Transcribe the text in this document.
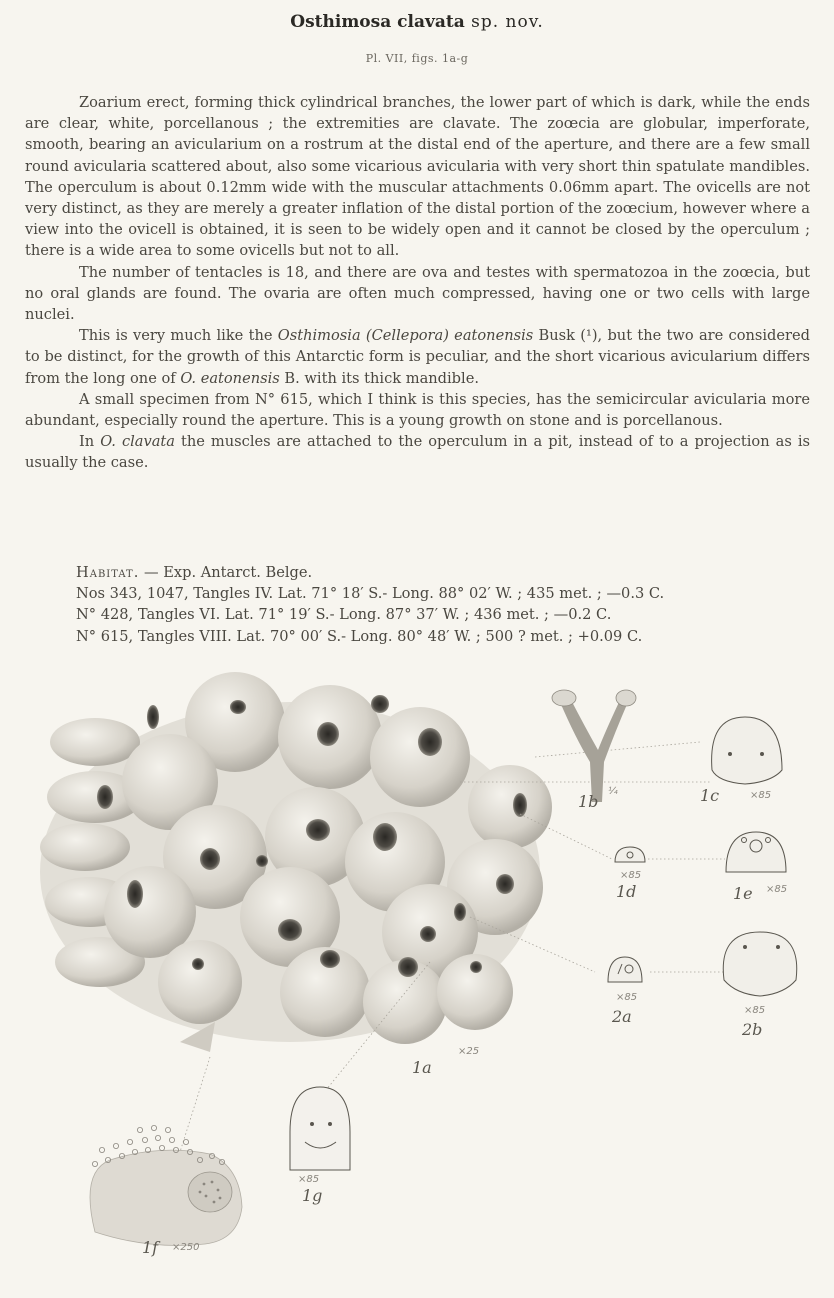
Osthimosa clavata sp. nov.
Pl. VII, figs. 1a-g

Zoarium erect, forming thick cylindrical branches, the lower part of which is dark, while the ends are clear, white, porcellanous ; the extremities are clavate. The zoœcia are globular, imperforate, smooth, bearing an avicularium on a rostrum at the distal end of the aperture, and there are a few small round avicularia scattered about, also some vicarious avicularia with very short thin spatulate mandibles. The operculum is about 0.12mm wide with the muscular attachments 0.06mm apart. The ovicells are not very distinct, as they are merely a greater inflation of the distal portion of the zoœcium, however where a view into the ovicell is obtained, it is seen to be widely open and it cannot be closed by the operculum ; there is a wide area to some ovicells but not to all.

The number of tentacles is 18, and there are ova and testes with spermatozoa in the zoœcia, but no oral glands are found. The ovaria are often much compressed, having one or two cells with large nuclei.

This is very much like the Osthimosia (Cellepora) eatonensis Busk (¹), but the two are considered to be distinct, for the growth of this Antarctic form is peculiar, and the short vicarious avicularium differs from the long one of O. eatonensis B. with its thick mandible.

A small specimen from N° 615, which I think is this species, has the semicircular avicularia more abundant, especially round the aperture. This is a young growth on stone and is porcellanous.

In O. clavata the muscles are attached to the operculum in a pit, instead of to a projection as is usually the case.

Habitat. — Exp. Antarct. Belge.
Nos 343, 1047, Tangles IV. Lat. 71° 18′ S.- Long. 88° 02′ W. ; 435 met. ; —0.3 C.
N° 428, Tangles VI. Lat. 71° 19′ S.- Long. 87° 37′ W. ; 436 met. ; —0.2 C.
N° 615, Tangles VIII. Lat. 70° 00′ S.- Long. 80° 48′ W. ; 500 ? met. ; +0.09 C.
1a
×25
1b
¼	1c	×85
×85
1d	1e ×85
×85
2a	×85
2b
×85
1g
1f ×250
